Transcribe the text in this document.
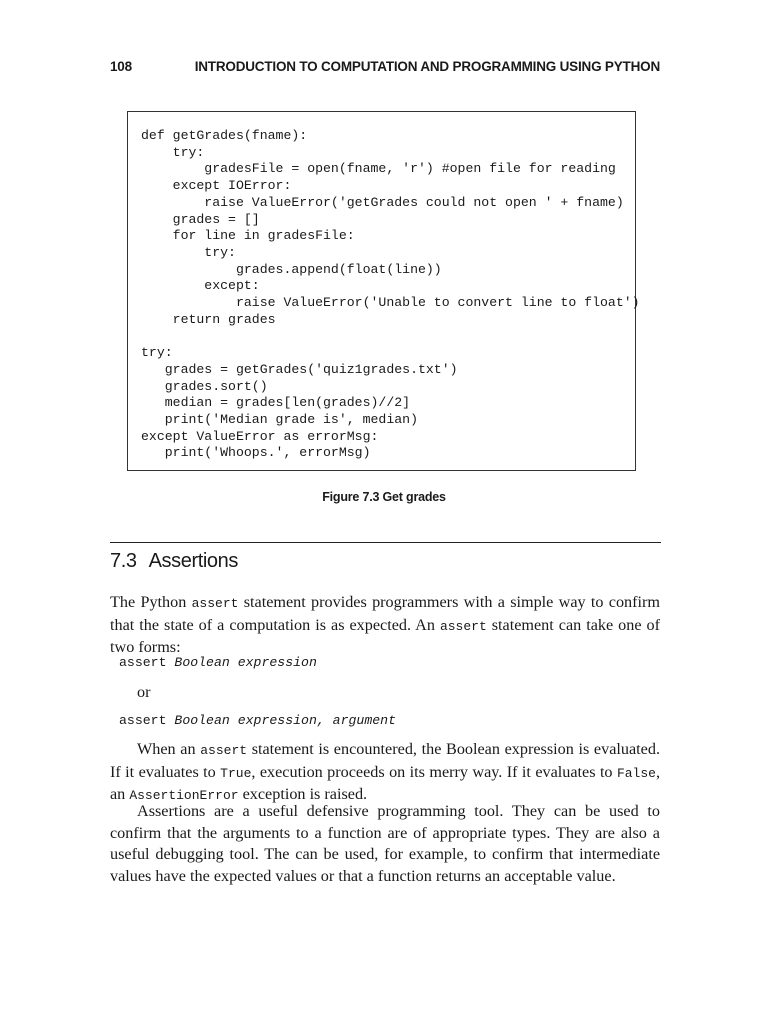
108	INTRODUCTION TO COMPUTATION AND PROGRAMMING USING PYTHON
def getGrades(fname):
try:
gradesFile = open(fname, 'r') #open file for reading
except IOError:
raise ValueError('getGrades could not open ' + fname)
grades = []
for line in gradesFile:
try:
grades.append(float(line))
except:
raise ValueError('Unable to convert line to float')
return grades

try:
grades = getGrades('quiz1grades.txt')
grades.sort()
median = grades[len(grades)//2]
print('Median grade is', median)
except ValueError as errorMsg:
print('Whoops.', errorMsg)
Figure 7.3 Get grades
7.3 Assertions

The Python assert statement provides programmers with a simple way to confirm that the state of a computation is as expected. An assert statement can take one of two forms:

assert Boolean expression
or
assert Boolean expression, argument

When an assert statement is encountered, the Boolean expression is evaluated. If it evaluates to True, execution proceeds on its merry way. If it evaluates to False, an AssertionError exception is raised.

Assertions are a useful defensive programming tool. They can be used to confirm that the arguments to a function are of appropriate types. They are also a useful debugging tool. The can be used, for example, to confirm that intermediate values have the expected values or that a function returns an acceptable value.
